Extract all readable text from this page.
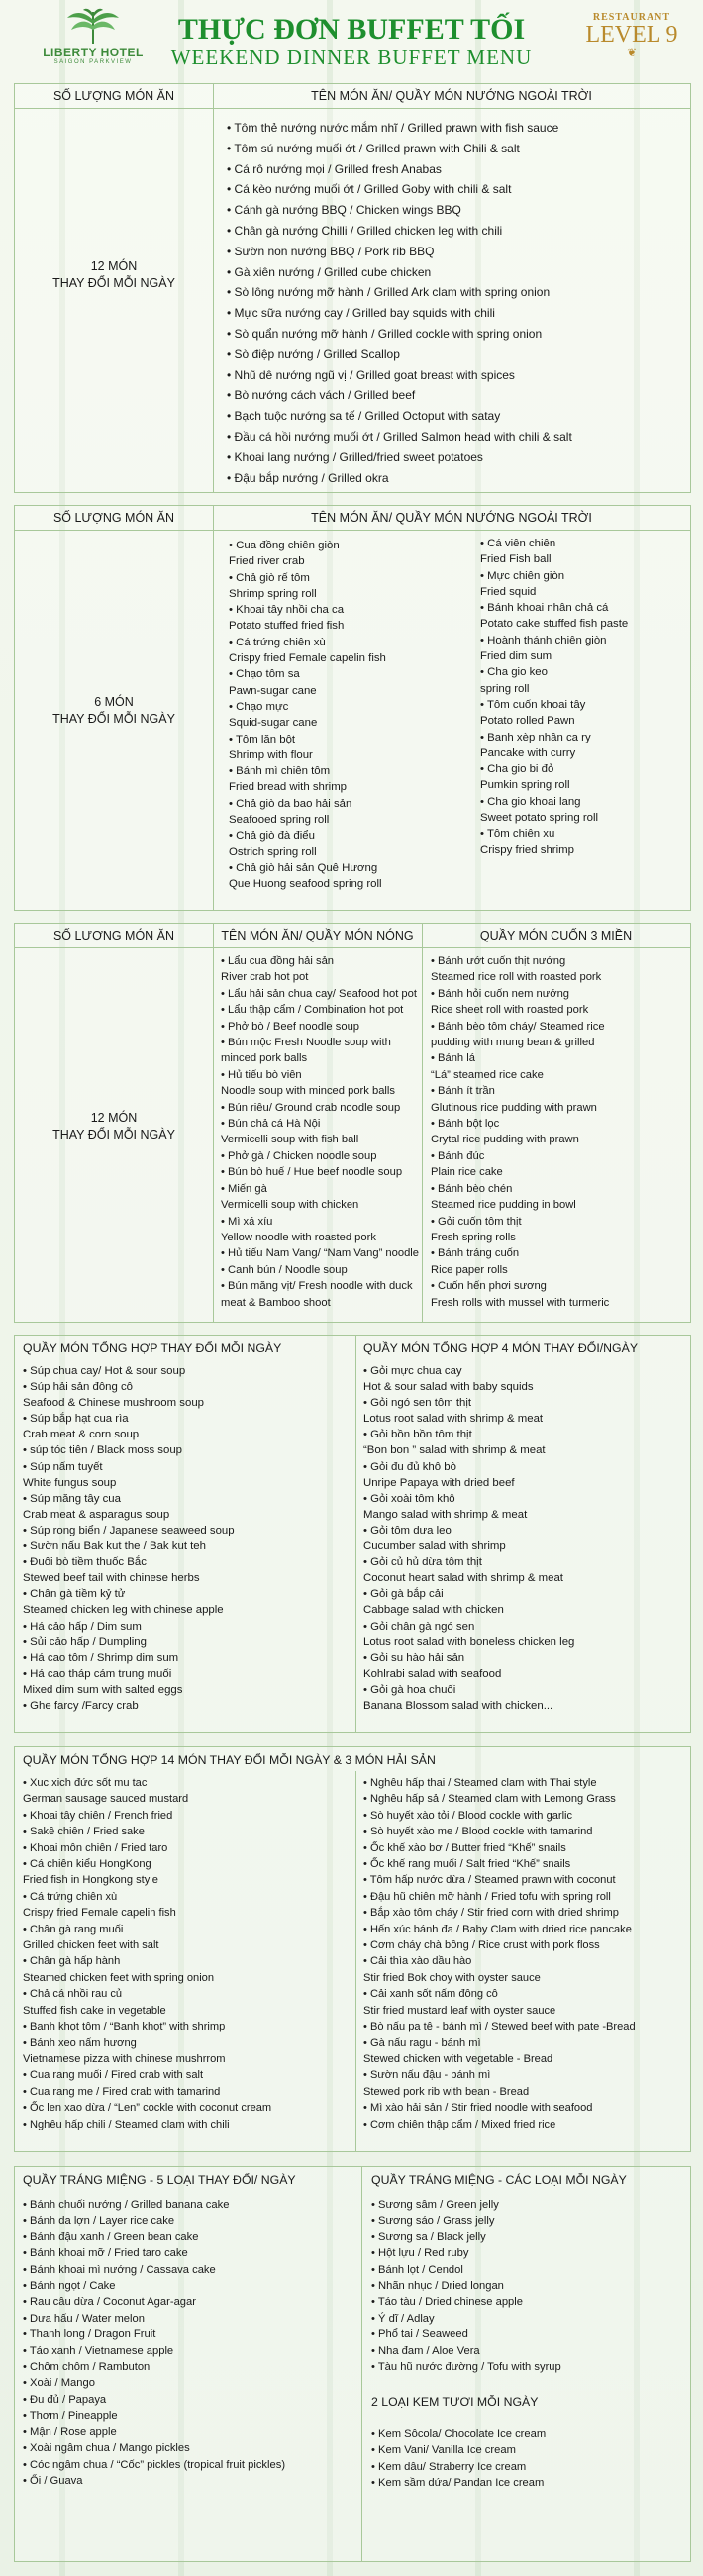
LIBERTY HOTEL
SAIGON PARKVIEW
THỰC ĐƠN BUFFET TỐI
WEEKEND DINNER BUFFET MENU
RESTAURANT
LEVEL 9
❦
SỐ LƯỢNG MÓN ĂN	TÊN MÓN ĂN/ QUẦY MÓN NƯỚNG NGOÀI TRỜI
12 MÓN
THAY ĐỔI MỖI NGÀY
• Tôm thẻ nướng nước mắm nhĩ / Grilled prawn with fish sauce
• Tôm sú nướng muối ớt / Grilled prawn with Chili & salt
• Cá rô nướng mọi / Grilled fresh Anabas
• Cá kèo nướng muối ớt / Grilled Goby with chili & salt
• Cánh gà nướng BBQ / Chicken wings BBQ
• Chân gà nướng Chilli / Grilled chicken leg with chili
• Sườn non nướng BBQ / Pork rib BBQ
• Gà xiên nướng / Grilled cube chicken
• Sò lông nướng mỡ hành / Grilled Ark clam with spring onion
• Mực sữa nướng cay / Grilled bay squids with chili
• Sò quẩn nướng mỡ hành / Grilled cockle with spring onion
• Sò điệp nướng / Grilled Scallop
• Nhũ dê nướng ngũ vị / Grilled goat breast with spices
• Bò nướng cách vách / Grilled beef
• Bạch tuộc nướng sa tế / Grilled Octoput with satay
• Đầu cá hồi nướng muối ớt / Grilled Salmon head with chili & salt
• Khoai lang nướng / Grilled/fried sweet potatoes
• Đậu bắp nướng / Grilled okra
SỐ LƯỢNG MÓN ĂN	TÊN MÓN ĂN/ QUẦY MÓN NƯỚNG NGOÀI TRỜI
6 MÓN
THAY ĐỔI MỖI NGÀY
• Cua đồng chiên giòn
Fried river crab
• Chả giò rế tôm
Shrimp spring roll
• Khoai tây nhồi cha ca
Potato stuffed fried fish
• Cá trứng chiên xù
Crispy fried Female capelin fish
• Chạo tôm sa
Pawn-sugar cane
• Chạo mực
Squid-sugar cane
• Tôm lăn bột
Shrimp with flour
• Bánh mì chiên tôm
Fried bread with shrimp
• Chả giò da bao hải sản
Seafooed spring roll
• Chả giò đà điểu
Ostrich spring roll
• Chả giò hải sản Quê Hương
Que Huong seafood spring roll
• Cá viên chiên
Fried Fish ball
• Mực chiên giòn
Fried squid
• Bánh khoai nhân chả cá
Potato cake stuffed fish paste
• Hoành thánh chiên giòn
Fried dim sum
• Cha gio keo
spring roll
• Tôm cuốn khoai tây
Potato rolled Pawn
• Banh xèp nhân ca ry
Pancake with curry
• Cha gio bi đỏ
Pumkin spring roll
• Cha gio khoai lang
Sweet potato spring roll
• Tôm chiên xu
Crispy fried shrimp
SỐ LƯỢNG MÓN ĂN	TÊN MÓN ĂN/ QUẦY MÓN NÓNG	QUẦY MÓN CUỐN 3 MIỀN
12 MÓN
THAY ĐỔI MỖI NGÀY
• Lẩu cua đồng hải sản
River crab hot pot
• Lẩu hải sản chua cay/ Seafood hot pot
• Lẩu thập cẩm / Combination hot pot
• Phở bò / Beef noodle soup
• Bún mộc Fresh Noodle soup with
minced pork balls
• Hủ tiếu bò viên
Noodle soup with minced pork balls
• Bún riêu/ Ground crab noodle soup
• Bún chả cá Hà Nội
Vermicelli soup with fish ball
• Phở gà / Chicken noodle soup
• Bún bò huế / Hue beef noodle soup
• Miến gà
Vermicelli soup with chicken
• Mì xá xíu
Yellow noodle with roasted pork
• Hủ tiếu Nam Vang/ “Nam Vang” noodle
• Canh bún / Noodle soup
• Bún măng vịt/ Fresh noodle with duck
meat & Bamboo shoot
• Bánh ướt cuốn thịt nướng
Steamed rice roll with roasted pork
• Bánh hỏi cuốn nem nướng
Rice sheet roll with roasted pork
• Bánh bèo tôm cháy/ Steamed rice
pudding with mung bean & grilled
• Bánh lá
“Lá” steamed rice cake
• Bánh ít trần
Glutinous rice pudding with prawn
• Bánh bột lọc
Crytal rice pudding with prawn
• Bánh đúc
Plain rice cake
• Bánh bèo chén
Steamed rice pudding in bowl
• Gỏi cuốn tôm thịt
Fresh spring rolls
• Bánh tráng cuốn
Rice paper rolls
• Cuốn hến phơi sương
Fresh rolls with mussel with turmeric
QUẦY MÓN TỔNG HỢP THAY ĐỔI MỖI NGÀY	QUẦY MÓN TỔNG HỢP 4 MÓN THAY ĐỔI/NGÀY
• Súp chua cay/ Hot & sour soup
• Súp hải sản đông cô
Seafood & Chinese mushroom soup
• Súp bắp hạt cua rìa
Crab meat & corn soup
• súp tóc tiên / Black moss soup
• Súp nấm tuyết
White fungus soup
• Súp măng tây cua
Crab meat & asparagus soup
• Súp rong biển / Japanese seaweed soup
• Sườn nấu Bak kut the / Bak kut teh
• Đuôi bò tiềm thuốc Bắc
Stewed beef tail with chinese herbs
• Chân gà tiềm kỷ tử
Steamed chicken leg with chinese apple
• Há cảo hấp / Dim sum
• Sủi cảo hấp / Dumpling
• Há cao tôm / Shrimp dim sum
• Há cao tháp cám trung muối
Mixed dim sum with salted eggs
• Ghe farcy /Farcy crab
• Gỏi mực chua cay
Hot & sour salad with baby squids
• Gỏi ngó sen tôm thịt
Lotus root salad with shrimp & meat
• Gỏi bồn bồn tôm thịt
“Bon bon ” salad with shrimp & meat
• Gỏi đu đủ khô bò
Unripe Papaya with dried beef
• Gỏi xoài tôm khô
Mango salad with shrimp & meat
• Gỏi tôm dưa leo
Cucumber salad with shrimp
• Gỏi củ hủ dừa tôm thịt
Coconut heart salad with shrimp & meat
• Gỏi gà bắp cải
Cabbage salad with chicken
• Gỏi chân gà ngó sen
Lotus root salad with boneless chicken leg
• Gỏi su hào hải sản
Kohlrabi salad with seafood
• Gỏi gà hoa chuối
Banana Blossom salad with chicken...
QUẦY MÓN TỔNG HỢP 14 MÓN THAY ĐỔI MỖI NGÀY & 3 MÓN HẢI SẢN
• Xuc xich đức sốt mu tac
German sausage sauced mustard
• Khoai tây chiên / French fried
• Sakê chiên / Fried sake
• Khoai môn chiên / Fried taro
• Cá chiên kiểu HongKong
Fried fish in Hongkong style
• Cá trứng chiên xù
Crispy fried Female capelin fish
• Chân gà rang muối
Grilled chicken feet with salt
• Chân gà hấp hành
Steamed chicken feet with spring onion
• Chả cá nhồi rau củ
Stuffed fish cake in vegetable
• Banh khọt tôm / “Banh khọt” with shrimp
• Bánh xeo nấm hương
Vietnamese pizza with chinese mushrrom
• Cua rang muối / Fired crab with salt
• Cua rang me / Fired crab with tamarind
• Ốc len xao dừa / “Len” cockle with coconut cream
• Nghêu hấp chili / Steamed clam with chili
• Nghêu hấp thai / Steamed clam with Thai style
• Nghêu hấp sả / Steamed clam with Lemong Grass
• Sò huyết xào tỏi / Blood cockle with garlic
• Sò huyết xào me / Blood cockle with tamarind
• Ốc khế xào bơ / Butter fried “Khế” snails
• Ốc khế rang muối / Salt fried “Khế” snails
• Tôm hấp nước dừa / Steamed prawn with coconut
• Đậu hũ chiên mỡ hành / Fried tofu with spring roll
• Bắp xào tôm cháy / Stir fried corn with dried shrimp
• Hến xúc bánh đa / Baby Clam with dried rice pancake
• Cơm cháy chà bông / Rice crust with pork floss
• Cải thìa xào dầu hào
Stir fried Bok choy with oyster sauce
• Cải xanh sốt nấm đông cô
Stir fried mustard leaf with oyster sauce
• Bò nấu pa tê - bánh mì / Stewed beef with pate -Bread
• Gà nấu ragu - bánh mì
Stewed chicken with vegetable - Bread
• Sườn nấu đậu - bánh mì
Stewed pork rib with bean - Bread
• Mì xào hải sản / Stir fried noodle with seafood
• Cơm chiên thập cẩm / Mixed fried rice
QUẦY TRÁNG MIỆNG - 5 LOẠI THAY ĐỔI/ NGÀY	QUẦY TRÁNG MIỆNG - CÁC LOẠI MỖI NGÀY
• Bánh chuối nướng / Grilled banana cake
• Bánh da lợn / Layer rice cake
• Bánh đậu xanh / Green bean cake
• Bánh khoai mỡ / Fried taro cake
• Bánh khoai mì nướng / Cassava cake
• Bánh ngọt / Cake
• Rau câu dừa / Coconut Agar-agar
• Dưa hấu / Water melon
• Thanh long / Dragon Fruit
• Táo xanh / Vietnamese apple
• Chôm chôm / Rambuton
• Xoài / Mango
• Đu đủ / Papaya
• Thơm / Pineapple
• Mận / Rose apple
• Xoài ngâm chua / Mango pickles
• Cóc ngâm chua / “Cốc” pickles (tropical fruit pickles)
• Ổi / Guava
• Sương sâm / Green jelly
• Sương sáo / Grass jelly
• Sương sa / Black jelly
• Hột lựu / Red ruby
• Bánh lọt / Cendol
• Nhãn nhục / Dried longan
• Táo tàu / Dried chinese apple
• Ý dĩ / Adlay
• Phổ tai / Seaweed
• Nha đam / Aloe Vera
• Tàu hũ nước đường / Tofu with syrup
2 LOẠI KEM TƯƠI MỖI NGÀY
• Kem Sôcola/ Chocolate Ice cream
• Kem Vani/ Vanilla Ice cream
• Kem dâu/ Straberry Ice cream
• Kem sầm dứa/ Pandan Ice cream
